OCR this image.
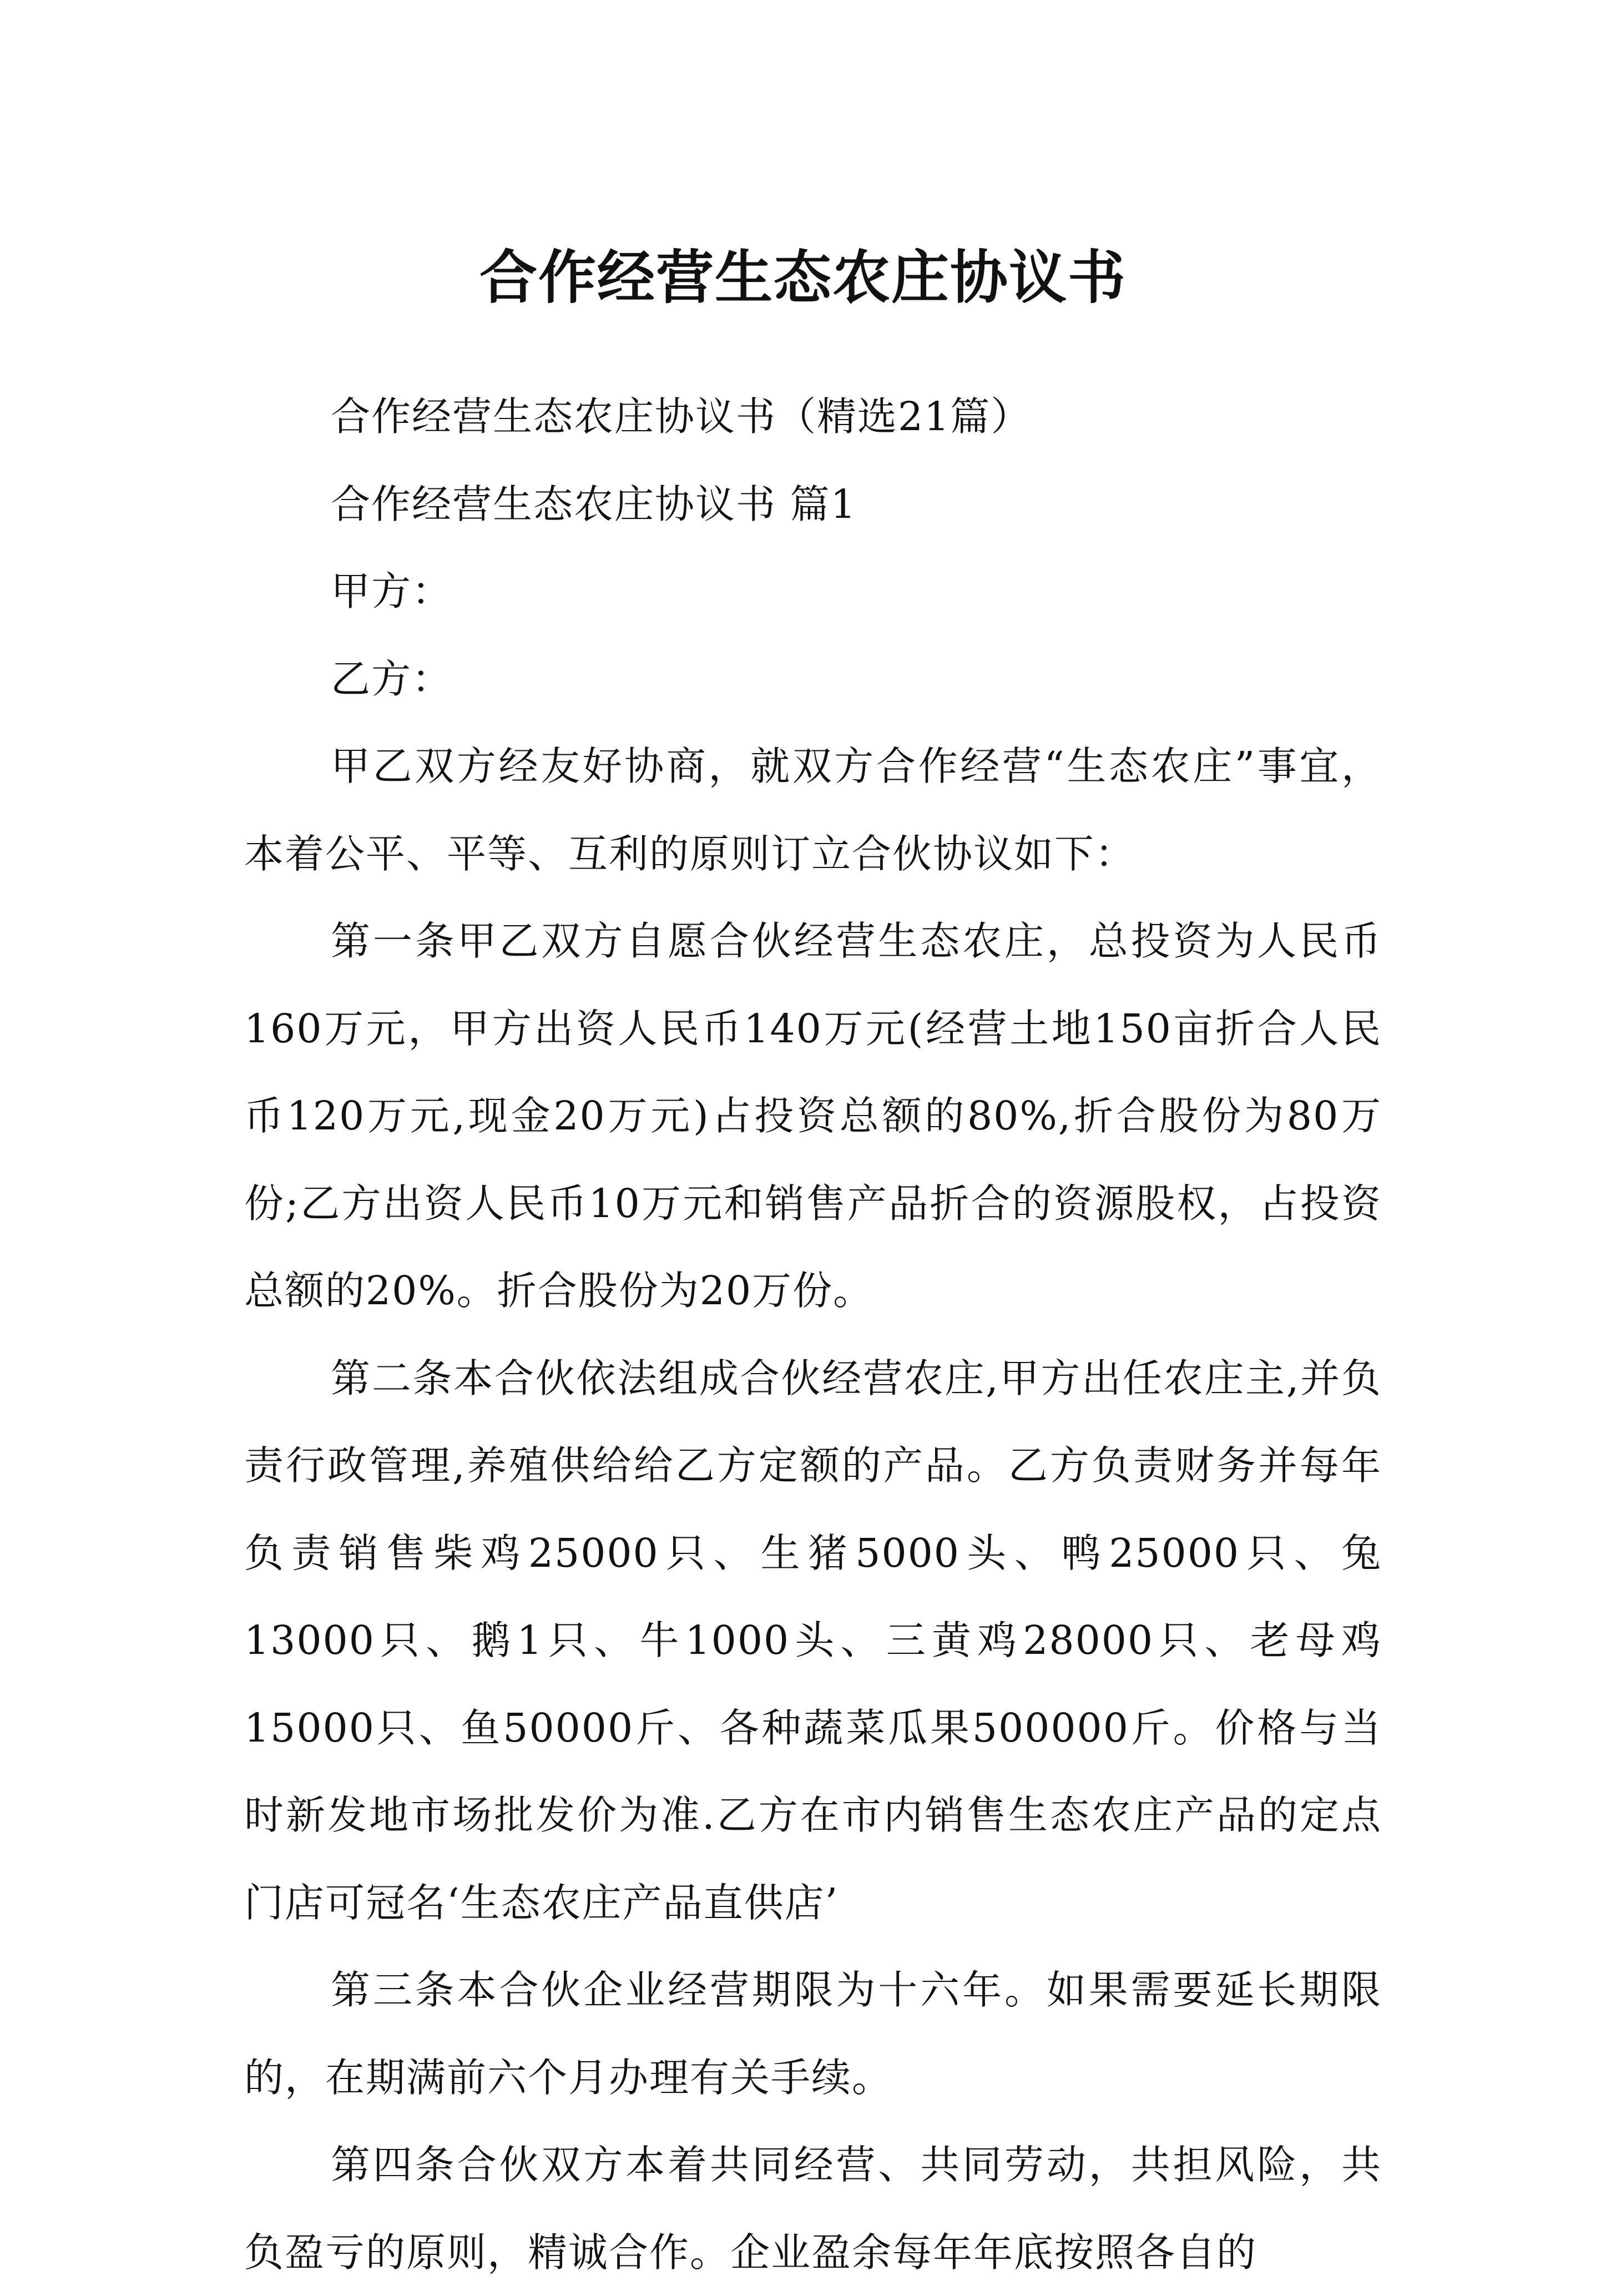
合作经营生态农庄协议书

合作经营生态农庄协议书（精选21篇）

合作经营生态农庄协议书 篇1

甲方：

乙方：

甲乙双方经友好协商，就双方合作经营“生态农庄”事宜，本着公平、平等、互利的原则订立合伙协议如下：

第一条甲乙双方自愿合伙经营生态农庄，总投资为人民币160万元，甲方出资人民币140万元(经营土地150亩折合人民币120万元,现金20万元)占投资总额的80%,折合股份为80万份;乙方出资人民币10万元和销售产品折合的资源股权，占投资总额的20%。折合股份为20万份。

第二条本合伙依法组成合伙经营农庄,甲方出任农庄主,并负责行政管理,养殖供给给乙方定额的产品。乙方负责财务并每年负责销售柴鸡25000只、生猪5000头、鸭25000只、兔13000只、鹅1只、牛1000头、三黄鸡28000只、老母鸡15000只、鱼50000斤、各种蔬菜瓜果500000斤。价格与当时新发地市场批发价为准.乙方在市内销售生态农庄产品的定点门店可冠名‘生态农庄产品直供店’

第三条本合伙企业经营期限为十六年。如果需要延长期限的，在期满前六个月办理有关手续。

第四条合伙双方本着共同经营、共同劳动，共担风险，共负盈亏的原则，精诚合作。企业盈余每年年底按照各自的
